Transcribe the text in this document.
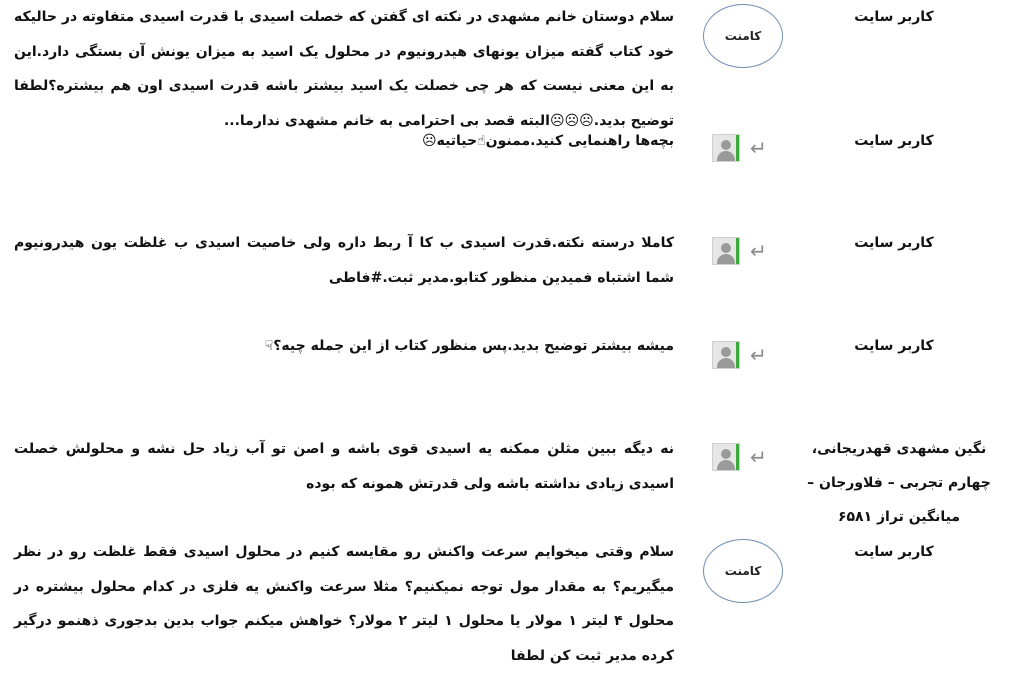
کاربر سایت
کامنت
سلام دوستان خانم مشهدی در نکته ای گفتن که خصلت اسیدی با قدرت اسیدی متفاوته در حالیکه خود کتاب گفته میزان یونهای هیدرونیوم در محلول یک اسید به میزان یونش آن بستگی دارد.این به این معنی نیست که هر چی خصلت یک اسید بیشتر باشه قدرت اسیدی اون هم بیشتره؟لطفا توضیح بدید.☹☹☹البته قصد بی احترامی به خانم مشهدی ندارما...
کاربر سایت
↵
بچه‌ها راهنمایی کنید.ممنون☝حیاتیه☹
کاربر سایت
↵
کاملا درسته نکته.قدرت اسیدی ب کا آ ربط داره ولی خاصیت اسیدی ب غلظت یون هیدرونیوم شما اشتباه فمیدین منظور کتابو.مدیر ثبت.#فاطی
کاربر سایت
↵
میشه بیشتر توضیح بدید.پس منظور کتاب از این جمله چیه؟☟
نگین مشهدی قهدریجانی، چهارم تجربی – فلاورجان – میانگین تراز ۶۵۸۱
↵
نه دیگه ببین مثلن ممکنه یه اسیدی قوی باشه و اصن تو آب زیاد حل نشه و محلولش خصلت اسیدی زیادی نداشته باشه ولی قدرتش همونه که بوده
کاربر سایت
کامنت
سلام وقتی میخوایم سرعت واکنش رو مقایسه کنیم در محلول اسیدی فقط غلظت رو در نظر میگیریم؟ به مقدار مول توجه نمیکنیم؟ مثلا سرعت واکنش یه فلزی در کدام محلول بیشتره در محلول ۴ لیتر ۱ مولار یا محلول ۱ لیتر ۲ مولار؟ خواهش میکنم جواب بدین بدجوری ذهنمو درگیر کرده مدیر ثبت کن لطفا
